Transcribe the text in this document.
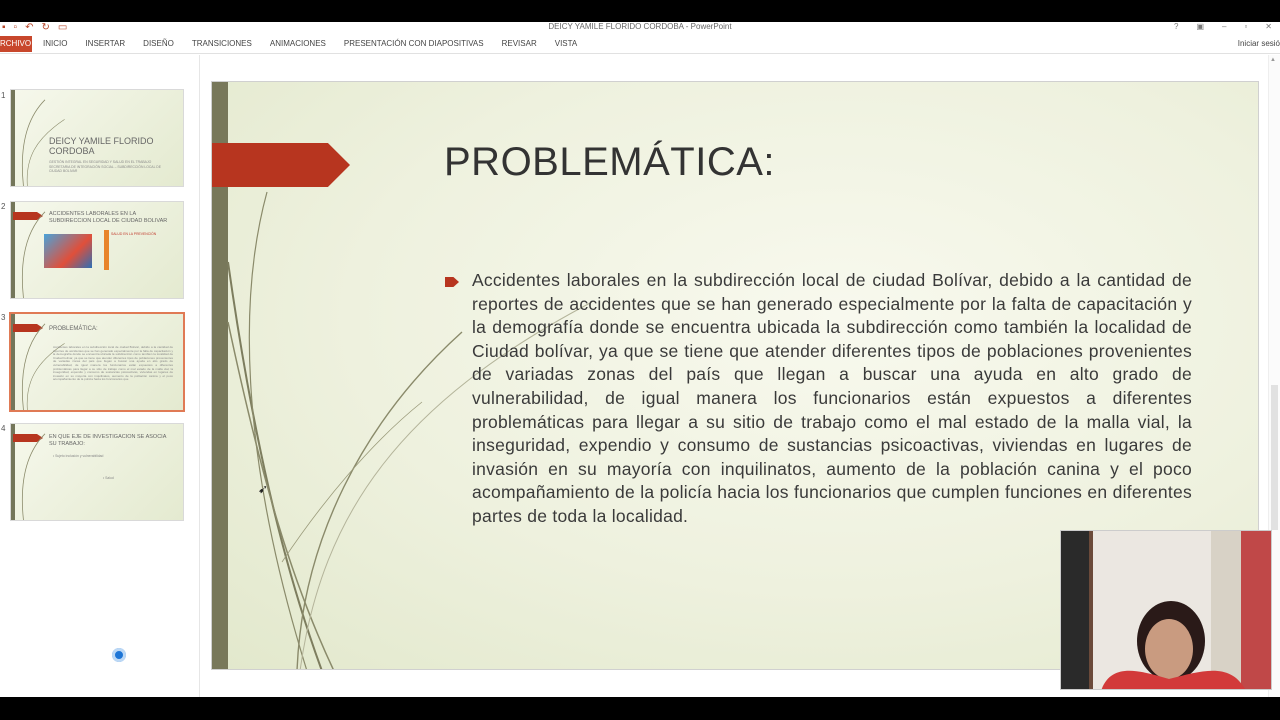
▪ ▫ ↶ ↻ ▭	DEICY YAMILE FLORIDO CORDOBA - PowerPoint	? ▣ – ▫ ✕
RCHIVO INICIO INSERTAR DISEÑO TRANSICIONES ANIMACIONES PRESENTACIÓN CON DIAPOSITIVAS REVISAR VISTA	Iniciar sesió
1
DEICY YAMILE FLORIDO CORDOBA
GESTIÓN INTEGRAL EN SEGURIDAD Y SALUD EN EL TRABAJO
SECRETARIA DE INTEGRACIÓN SOCIAL – SUBDIRECCIÓN LOCAL DE CIUDAD BOLIVAR
2
ACCIDENTES LABORALES EN LA SUBDIRECCION LOCAL DE CIUDAD BOLIVAR
SALUD EN LA PREVENCIÓN
3
PROBLEMÁTICA:
Accidentes laborales en la subdirección local de ciudad Bolívar, debido a la cantidad de reportes de accidentes que se han generado especialmente por la falta de capacitación y la demografía donde se encuentra ubicada la subdirección como también la localidad de Ciudad bolívar, ya que se tiene que atender diferentes tipos de poblaciones provenientes de variadas zonas del país que llegan a buscar una ayuda en alto grado de vulnerabilidad, de igual manera los funcionarios están expuestos a diferentes problemáticas para llegar a su sitio de trabajo como el mal estado de la malla vial, la inseguridad, expendio y consumo de sustancias psicoactivas, viviendas en lugares de invasión en su mayoría con inquilinatos, aumento de la población canina y el poco acompañamiento de la policía hacia los funcionarios que
4
EN QUE EJE DE INVESTIGACION SE ASOCIA SU TRABAJO:
• Sujeto inclusión y vulnerabilidad
• Salud
PROBLEMÁTICA:
Accidentes laborales en la subdirección local de ciudad Bolívar, debido a la cantidad de reportes de accidentes que se han generado especialmente por la falta de capacitación y la demografía donde se encuentra ubicada la subdirección como también la localidad de Ciudad bolívar, ya que se tiene que atender diferentes tipos de poblaciones provenientes de variadas zonas del país que llegan a buscar una ayuda en alto grado de vulnerabilidad, de igual manera los funcionarios están expuestos a diferentes problemáticas para llegar a su sitio de trabajo como el mal estado de la malla vial, la inseguridad, expendio y consumo de sustancias psicoactivas, viviendas en lugares de invasión en su mayoría con inquilinatos, aumento de la población canina y el poco acompañamiento de la policía hacia los funcionarios que cumplen funciones en diferentes partes de toda la localidad.
▲
➹
RECORDED WITH
SCREENCAST MATIC
